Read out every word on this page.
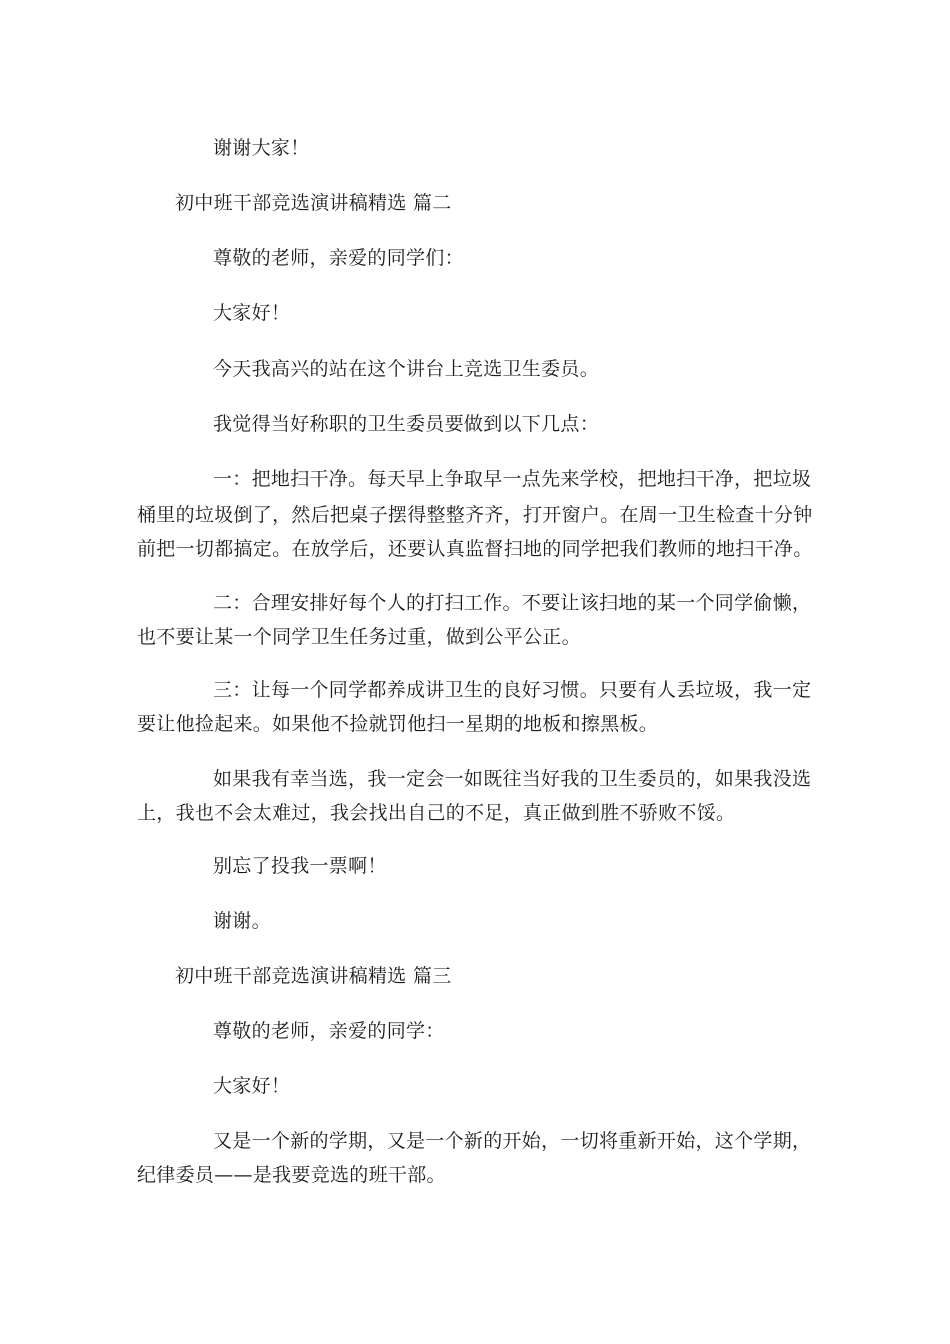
谢谢大家！
初中班干部竞选演讲稿精选 篇二
尊敬的老师，亲爱的同学们：
大家好！
今天我高兴的站在这个讲台上竞选卫生委员。
我觉得当好称职的卫生委员要做到以下几点：
一：把地扫干净。每天早上争取早一点先来学校，把地扫干净，把垃圾
桶里的垃圾倒了，然后把桌子摆得整整齐齐，打开窗户。在周一卫生检查十分钟
前把一切都搞定。在放学后，还要认真监督扫地的同学把我们教师的地扫干净。
二：合理安排好每个人的打扫工作。不要让该扫地的某一个同学偷懒，
也不要让某一个同学卫生任务过重，做到公平公正。
三：让每一个同学都养成讲卫生的良好习惯。只要有人丢垃圾，我一定
要让他捡起来。如果他不捡就罚他扫一星期的地板和擦黑板。
如果我有幸当选，我一定会一如既往当好我的卫生委员的，如果我没选
上，我也不会太难过，我会找出自己的不足，真正做到胜不骄败不馁。
别忘了投我一票啊！
谢谢。
初中班干部竞选演讲稿精选 篇三
尊敬的老师，亲爱的同学：
大家好！
又是一个新的学期，又是一个新的开始，一切将重新开始，这个学期，
纪律委员——是我要竞选的班干部。
